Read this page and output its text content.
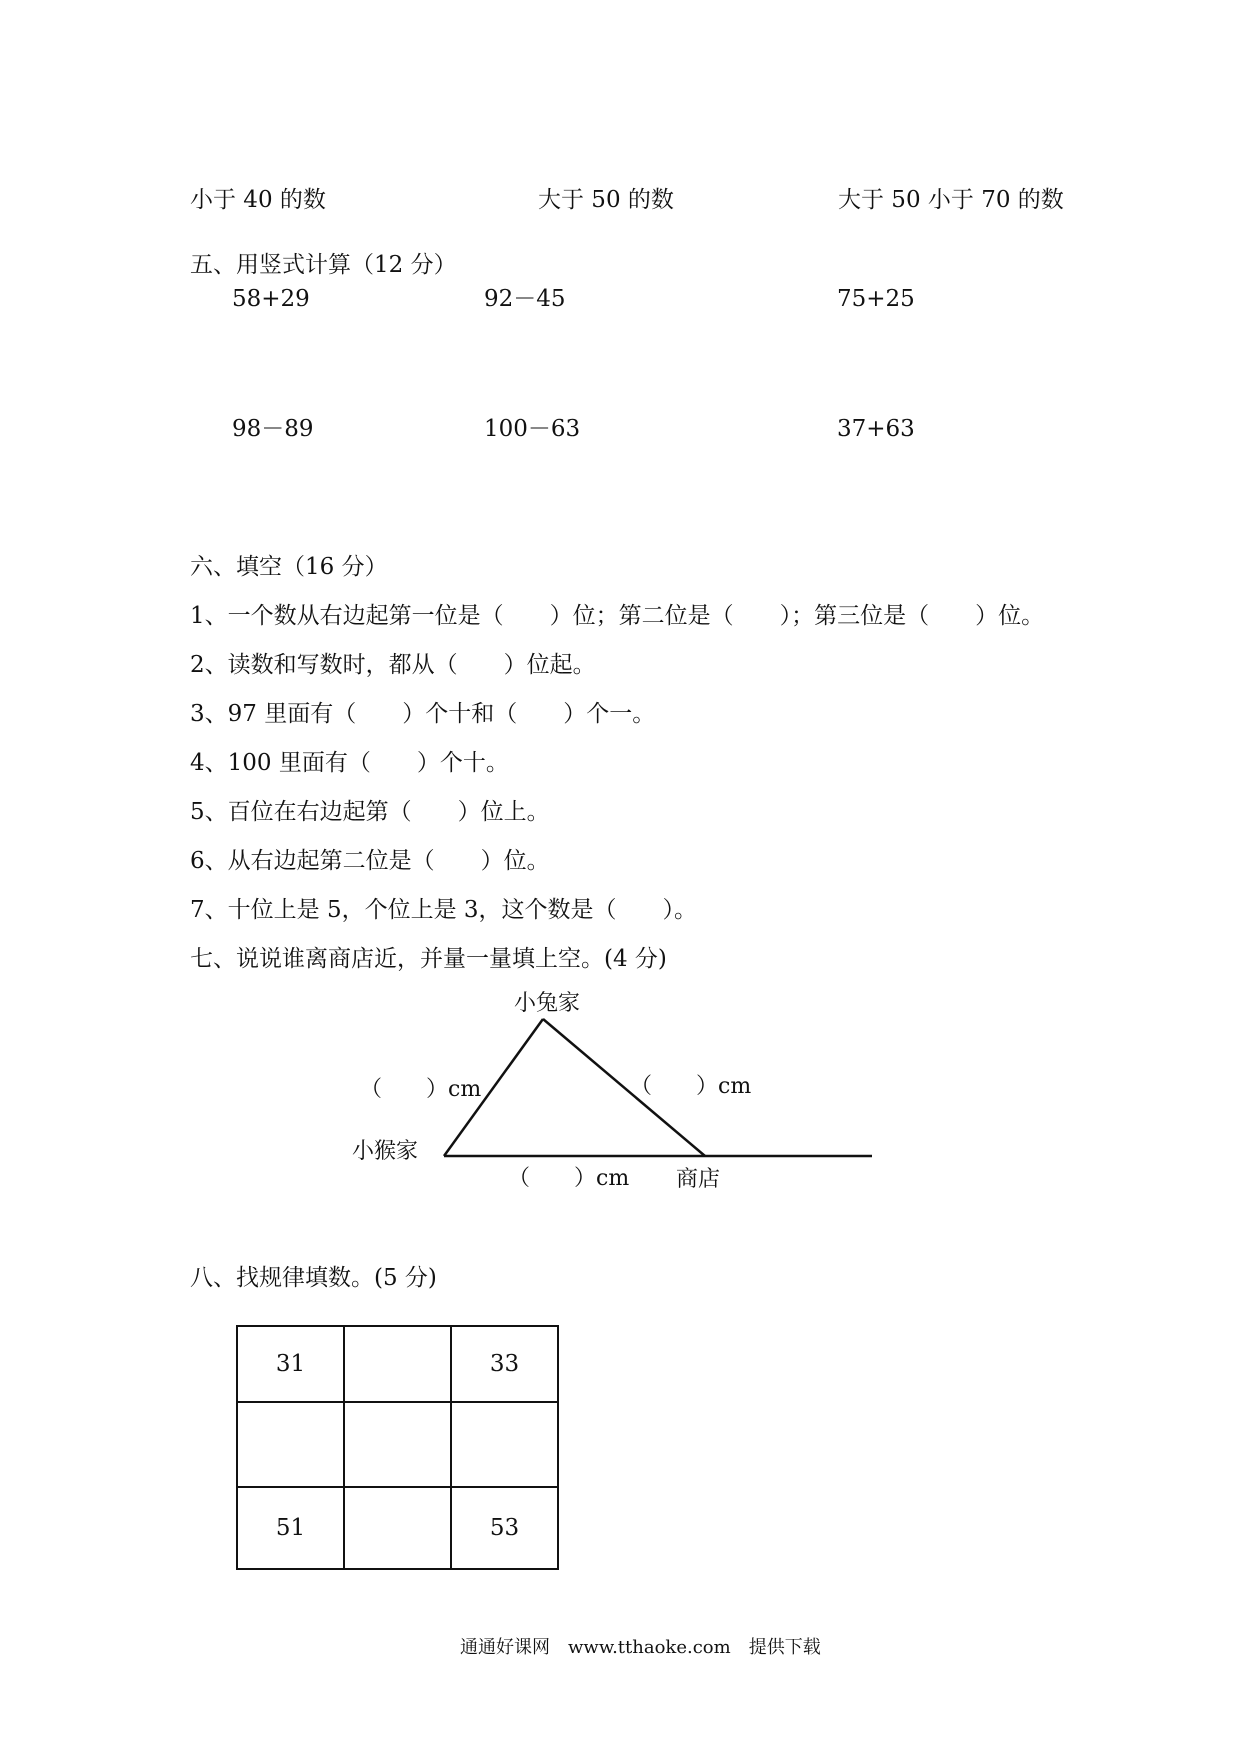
小于 40 的数	大于 50 的数	大于 50 小于 70 的数
五、用竖式计算（12 分）
58+29	92－45	75+25
98－89	100－63	37+63
六、填空（16 分）
1、一个数从右边起第一位是（　　）位；第二位是（　　）；第三位是（　　）位。
2、读数和写数时，都从（　　）位起。
3、97 里面有（　　）个十和（　　）个一。
4、100 里面有（　　）个十。
5、百位在右边起第（　　）位上。
6、从右边起第二位是（　　）位。
7、十位上是 5，个位上是 3，这个数是（　　）。
七、说说谁离商店近，并量一量填上空。(4 分)
小兔家
小猴家
商店
（　　）cm	（　　）cm
（　　）cm
八、找规律填数。(5 分)
31		33

51		53
通通好课网　www.tthaoke.com　提供下载
